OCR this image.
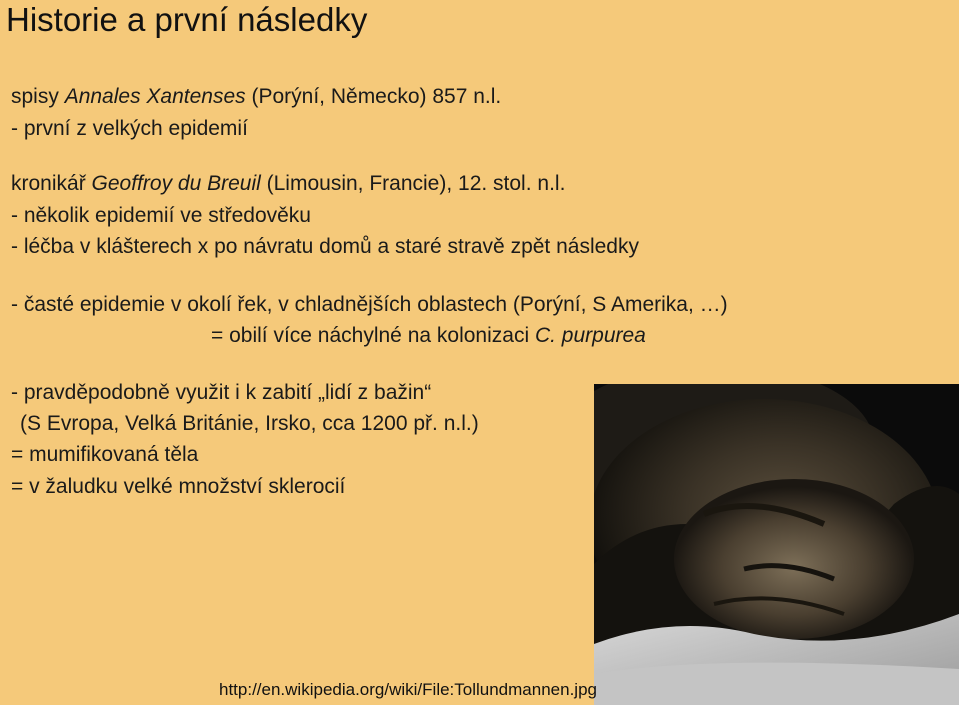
Historie a první následky
spisy Annales Xantenses (Porýní, Německo) 857 n.l.
- první z velkých epidemií
kronikář Geoffroy du Breuil (Limousin, Francie), 12. stol. n.l.
- několik epidemií ve středověku
- léčba v klášterech x po návratu domů a staré stravě zpět následky
- časté epidemie v okolí řek, v chladnějších oblastech (Porýní, S Amerika, …)
= obilí více náchylné na kolonizaci C. purpurea
- pravděpodobně využit i k zabití „lidí z bažin“
(S Evropa, Velká Británie, Irsko, cca 1200 př. n.l.)
= mumifikovaná těla
= v žaludku velké množství sklerocií
http://en.wikipedia.org/wiki/File:Tollundmannen.jpg
